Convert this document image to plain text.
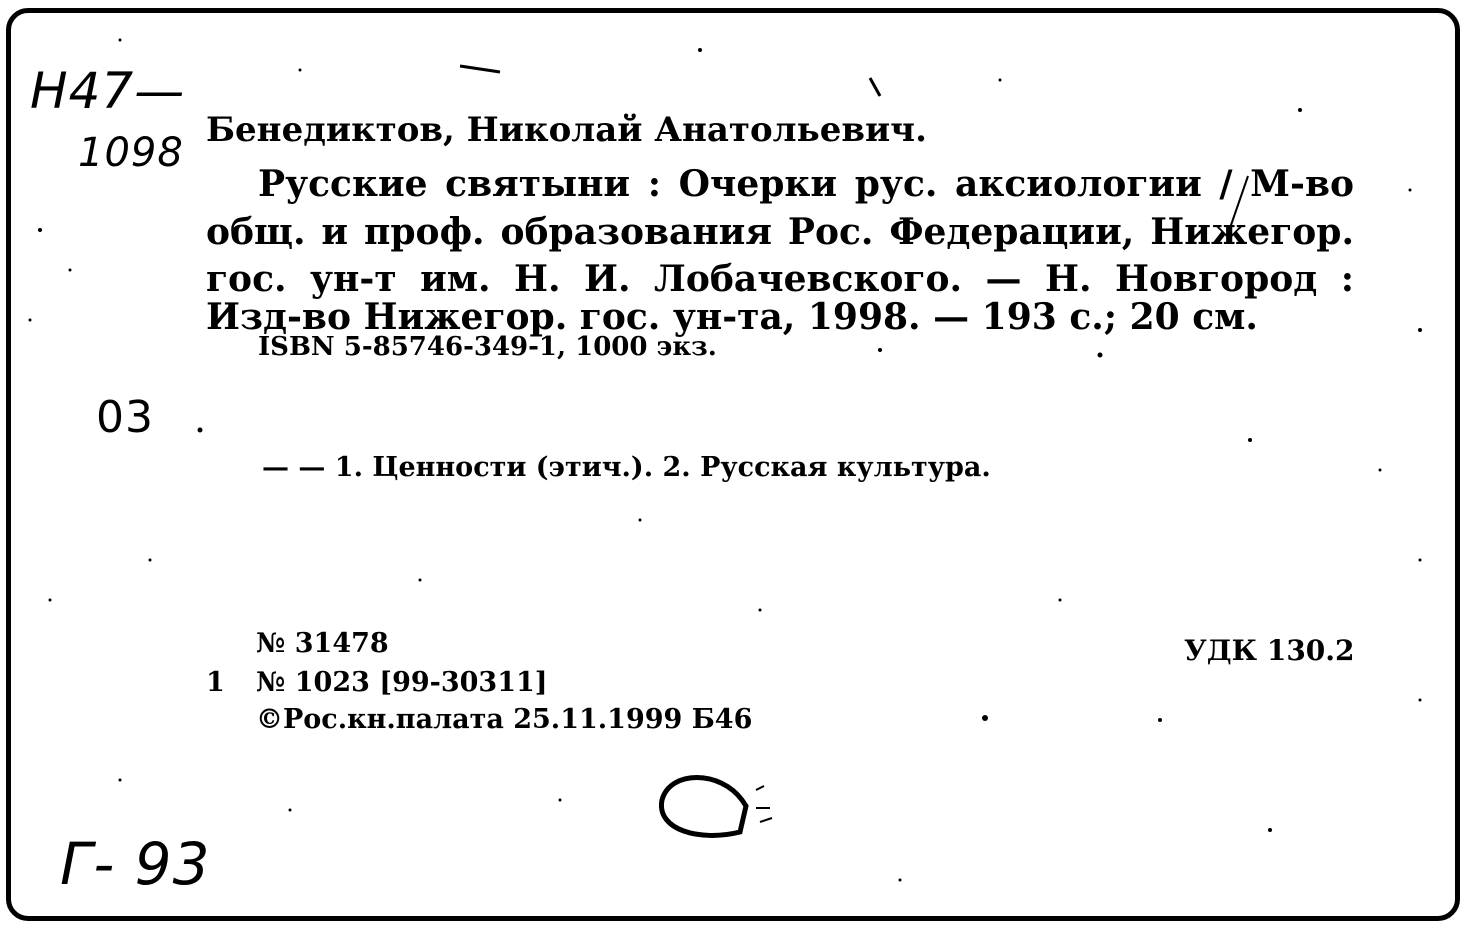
Н47—
1098
03
Г- 93
Бенедиктов, Николай Анатольевич.
Русские святыни : Очерки рус. аксиологии / М-во
общ. и проф. образования Рос. Федерации, Нижегор.
гос. ун-т им. Н. И. Лобачевского. — Н. Новгород :
Изд-во Нижегор. гос. ун-та, 1998. — 193 с.; 20 см.
ISBN 5-85746-349-1, 1000 экз.
— — 1. Ценности (этич.). 2. Русская культура.
№ 31478
1 № 1023 [99-30311]
©Рос.кн.палата 25.11.1999 Б46
УДК 130.2
